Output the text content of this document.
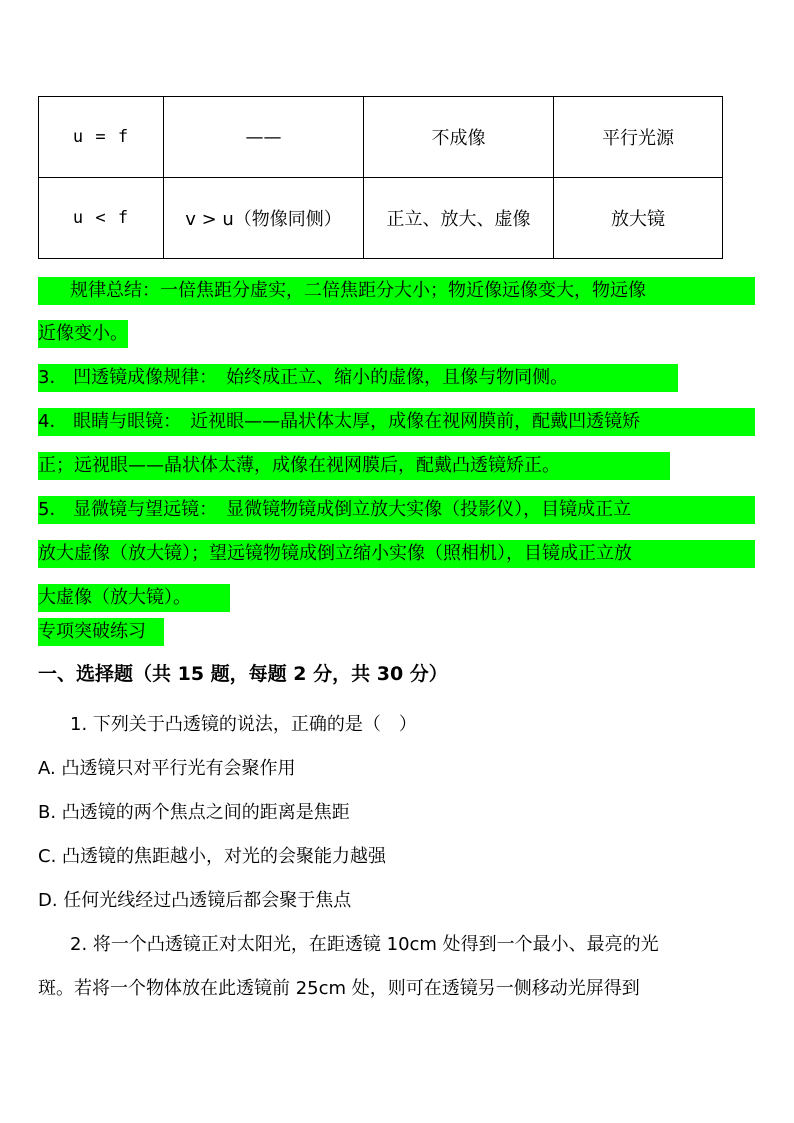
u = f	——	不成像	平行光源
u < f	v > u（物像同侧）	正立、放大、虚像	放大镜
规律总结：一倍焦距分虚实，二倍焦距分大小；物近像远像变大，物远像
近像变小。
3.　凹透镜成像规律：　始终成正立、缩小的虚像，且像与物同侧。
4.　眼睛与眼镜：　近视眼——晶状体太厚，成像在视网膜前，配戴凹透镜矫
正；远视眼——晶状体太薄，成像在视网膜后，配戴凸透镜矫正。
5.　显微镜与望远镜：　显微镜物镜成倒立放大实像（投影仪），目镜成正立
放大虚像（放大镜）；望远镜物镜成倒立缩小实像（照相机），目镜成正立放
大虚像（放大镜）。
专项突破练习
一、选择题（共 15 题，每题 2 分，共 30 分）
1. 下列关于凸透镜的说法，正确的是（　）
A. 凸透镜只对平行光有会聚作用
B. 凸透镜的两个焦点之间的距离是焦距
C. 凸透镜的焦距越小，对光的会聚能力越强
D. 任何光线经过凸透镜后都会聚于焦点
2. 将一个凸透镜正对太阳光，在距透镜 10cm 处得到一个最小、最亮的光
斑。若将一个物体放在此透镜前 25cm 处，则可在透镜另一侧移动光屏得到
